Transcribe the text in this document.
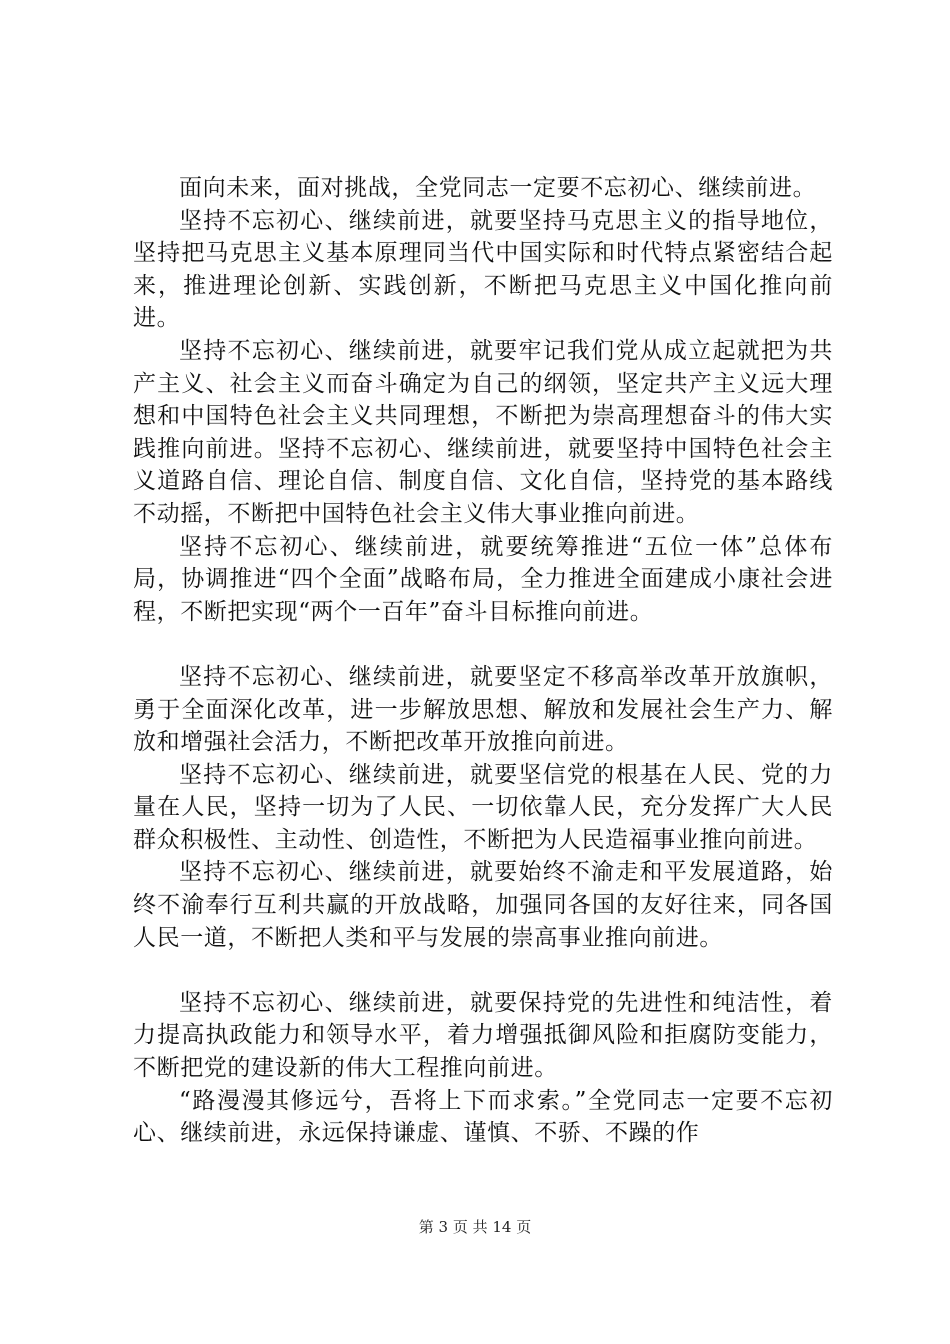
面向未来，面对挑战，全党同志一定要不忘初心、继续前进。

坚持不忘初心、继续前进，就要坚持马克思主义的指导地位，坚持把马克思主义基本原理同当代中国实际和时代特点紧密结合起来，推进理论创新、实践创新，不断把马克思主义中国化推向前进。

坚持不忘初心、继续前进，就要牢记我们党从成立起就把为共产主义、社会主义而奋斗确定为自己的纲领，坚定共产主义远大理想和中国特色社会主义共同理想，不断把为崇高理想奋斗的伟大实践推向前进。坚持不忘初心、继续前进，就要坚持中国特色社会主义道路自信、理论自信、制度自信、文化自信，坚持党的基本路线不动摇，不断把中国特色社会主义伟大事业推向前进。

坚持不忘初心、继续前进，就要统筹推进“五位一体”总体布局，协调推进“四个全面”战略布局，全力推进全面建成小康社会进程，不断把实现“两个一百年”奋斗目标推向前进。

坚持不忘初心、继续前进，就要坚定不移高举改革开放旗帜，勇于全面深化改革，进一步解放思想、解放和发展社会生产力、解放和增强社会活力，不断把改革开放推向前进。

坚持不忘初心、继续前进，就要坚信党的根基在人民、党的力量在人民，坚持一切为了人民、一切依靠人民，充分发挥广大人民群众积极性、主动性、创造性，不断把为人民造福事业推向前进。

坚持不忘初心、继续前进，就要始终不渝走和平发展道路，始终不渝奉行互利共赢的开放战略，加强同各国的友好往来，同各国人民一道，不断把人类和平与发展的崇高事业推向前进。

坚持不忘初心、继续前进，就要保持党的先进性和纯洁性，着力提高执政能力和领导水平，着力增强抵御风险和拒腐防变能力，不断把党的建设新的伟大工程推向前进。

“路漫漫其修远兮，吾将上下而求索。”全党同志一定要不忘初心、继续前进，永远保持谦虚、谨慎、不骄、不躁的作

第 3 页 共 14 页
